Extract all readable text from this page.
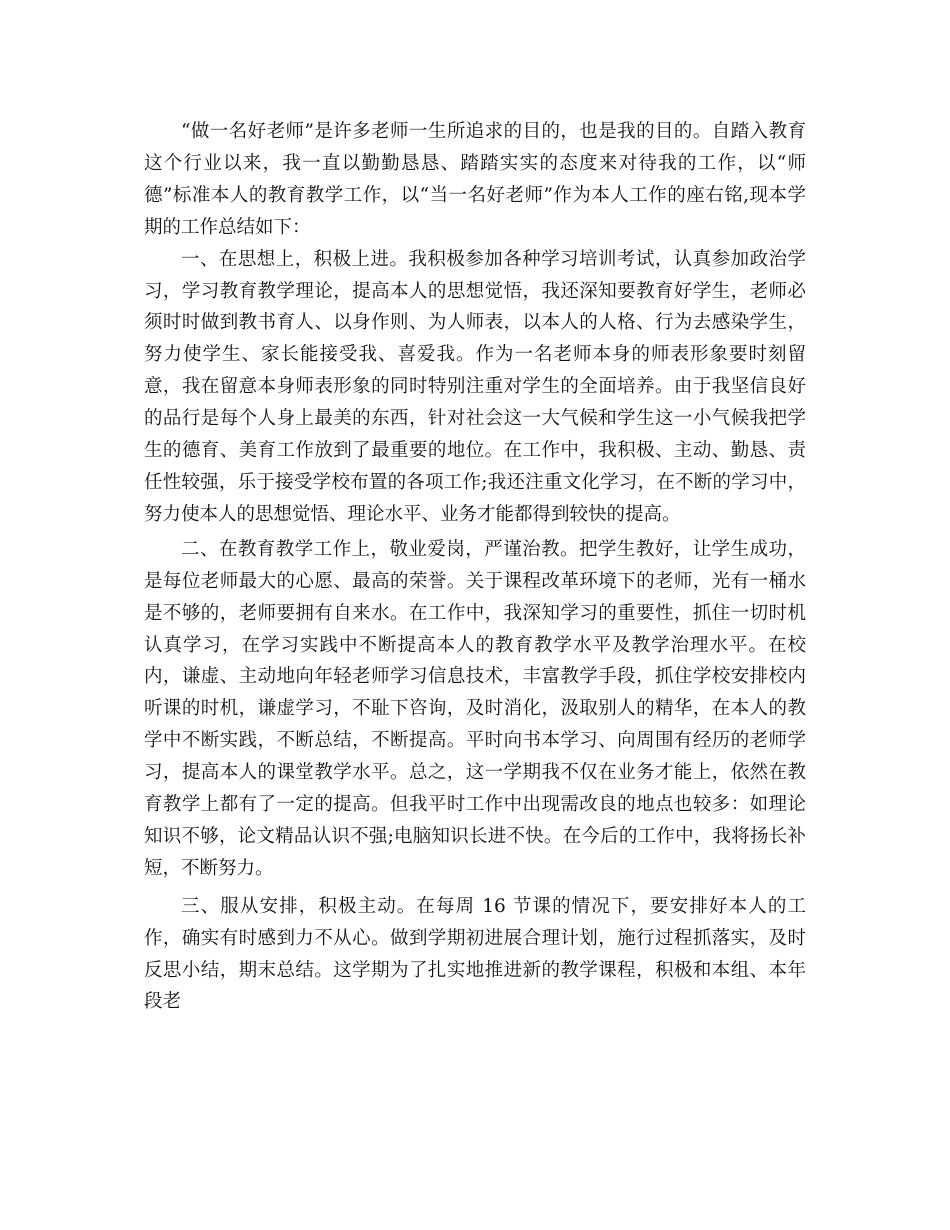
“做一名好老师”是许多老师一生所追求的目的，也是我的目的。自踏入教育这个行业以来，我一直以勤勤恳恳、踏踏实实的态度来对待我的工作，以“师德”标准本人的教育教学工作，以“当一名好老师”作为本人工作的座右铭,现本学期的工作总结如下：

一、在思想上，积极上进。我积极参加各种学习培训考试，认真参加政治学习，学习教育教学理论，提高本人的思想觉悟，我还深知要教育好学生，老师必须时时做到教书育人、以身作则、为人师表，以本人的人格、行为去感染学生，努力使学生、家长能接受我、喜爱我。作为一名老师本身的师表形象要时刻留意，我在留意本身师表形象的同时特别注重对学生的全面培养。由于我坚信良好的品行是每个人身上最美的东西，针对社会这一大气候和学生这一小气候我把学生的德育、美育工作放到了最重要的地位。在工作中，我积极、主动、勤恳、责任性较强，乐于接受学校布置的各项工作;我还注重文化学习，在不断的学习中，努力使本人的思想觉悟、理论水平、业务才能都得到较快的提高。

二、在教育教学工作上，敬业爱岗，严谨治教。把学生教好，让学生成功，是每位老师最大的心愿、最高的荣誉。关于课程改革环境下的老师，光有一桶水是不够的，老师要拥有自来水。在工作中，我深知学习的重要性，抓住一切时机认真学习，在学习实践中不断提高本人的教育教学水平及教学治理水平。在校内，谦虚、主动地向年轻老师学习信息技术，丰富教学手段，抓住学校安排校内听课的时机，谦虚学习，不耻下咨询，及时消化，汲取别人的精华，在本人的教学中不断实践，不断总结，不断提高。平时向书本学习、向周围有经历的老师学习，提高本人的课堂教学水平。总之，这一学期我不仅在业务才能上，依然在教育教学上都有了一定的提高。但我平时工作中出现需改良的地点也较多：如理论知识不够，论文精品认识不强;电脑知识长进不快。在今后的工作中，我将扬长补短，不断努力。

三、服从安排，积极主动。在每周 16 节课的情况下，要安排好本人的工作，确实有时感到力不从心。做到学期初进展合理计划，施行过程抓落实，及时反思小结，期末总结。这学期为了扎实地推进新的教学课程，积极和本组、本年段老
